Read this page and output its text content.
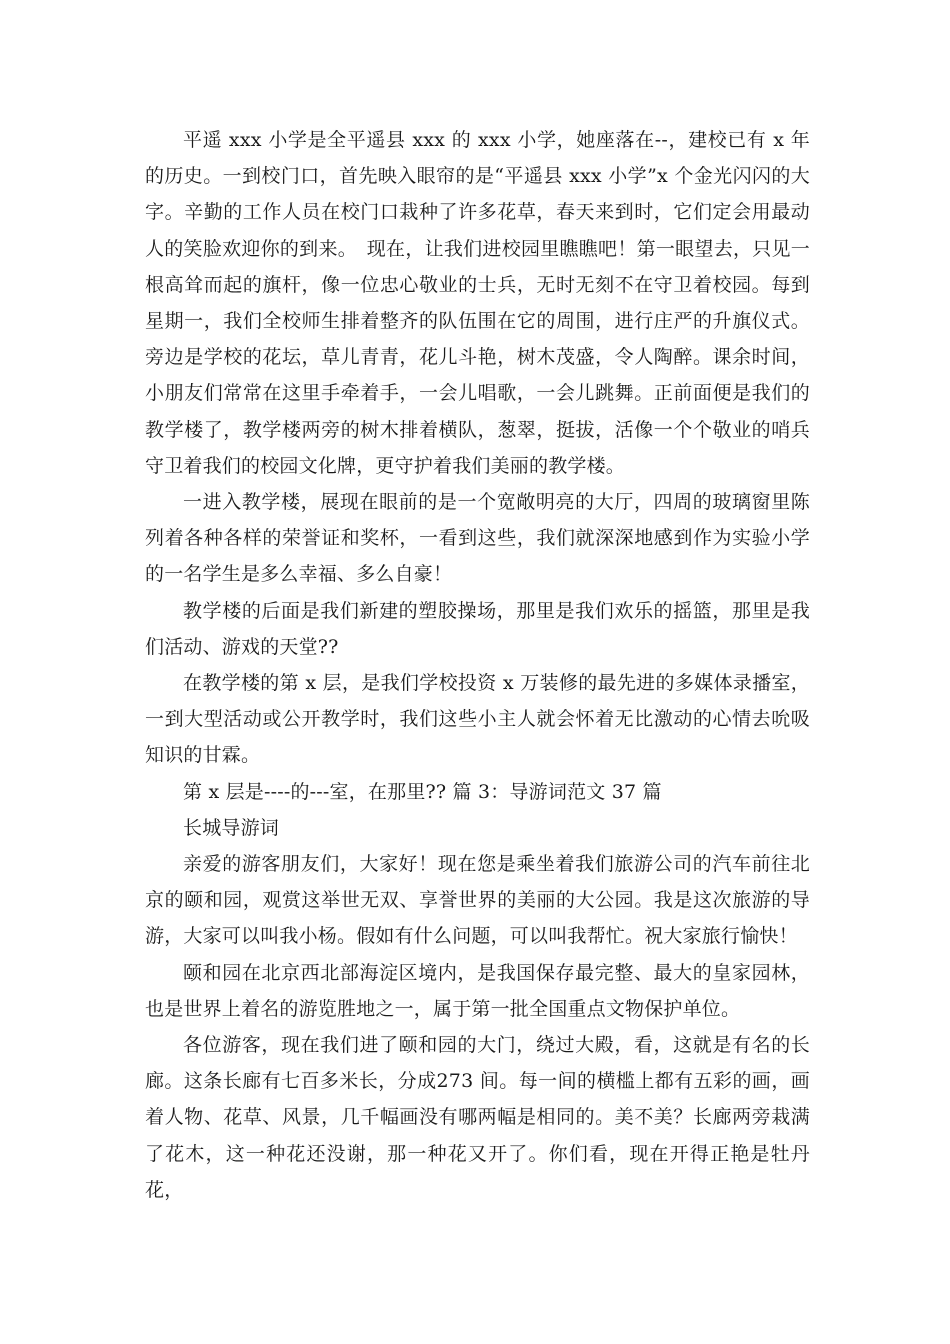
平遥 xxx 小学是全平遥县 xxx 的 xxx 小学，她座落在--，建校已有 x 年的历史。一到校门口，首先映入眼帘的是“平遥县 xxx 小学”x 个金光闪闪的大字。辛勤的工作人员在校门口栽种了许多花草，春天来到时，它们定会用最动人的笑脸欢迎你的到来。　现在，让我们进校园里瞧瞧吧！第一眼望去，只见一根高耸而起的旗杆，像一位忠心敬业的士兵，无时无刻不在守卫着校园。每到星期一，我们全校师生排着整齐的队伍围在它的周围，进行庄严的升旗仪式。旁边是学校的花坛，草儿青青，花儿斗艳，树木茂盛，令人陶醉。课余时间，小朋友们常常在这里手牵着手，一会儿唱歌，一会儿跳舞。正前面便是我们的教学楼了，教学楼两旁的树木排着横队，葱翠，挺拔，活像一个个敬业的哨兵守卫着我们的校园文化牌，更守护着我们美丽的教学楼。

一进入教学楼，展现在眼前的是一个宽敞明亮的大厅，四周的玻璃窗里陈列着各种各样的荣誉证和奖杯，一看到这些，我们就深深地感到作为实验小学的一名学生是多么幸福、多么自豪！

教学楼的后面是我们新建的塑胶操场，那里是我们欢乐的摇篮，那里是我们活动、游戏的天堂??

在教学楼的第 x 层，是我们学校投资 x 万装修的最先进的多媒体录播室，一到大型活动或公开教学时，我们这些小主人就会怀着无比激动的心情去吮吸知识的甘霖。

第 x 层是----的---室，在那里?? 篇 3：导游词范文 37 篇

长城导游词

亲爱的游客朋友们，大家好！现在您是乘坐着我们旅游公司的汽车前往北京的颐和园，观赏这举世无双、享誉世界的美丽的大公园。我是这次旅游的导游，大家可以叫我小杨。假如有什么问题，可以叫我帮忙。祝大家旅行愉快！

颐和园在北京西北部海淀区境内，是我国保存最完整、最大的皇家园林，也是世界上着名的游览胜地之一，属于第一批全国重点文物保护单位。

各位游客，现在我们进了颐和园的大门，绕过大殿，看，这就是有名的长廊。这条长廊有七百多米长，分成273 间。每一间的横槛上都有五彩的画，画着人物、花草、风景，几千幅画没有哪两幅是相同的。美不美？长廊两旁栽满了花木，这一种花还没谢，那一种花又开了。你们看，现在开得正艳是牡丹花，
